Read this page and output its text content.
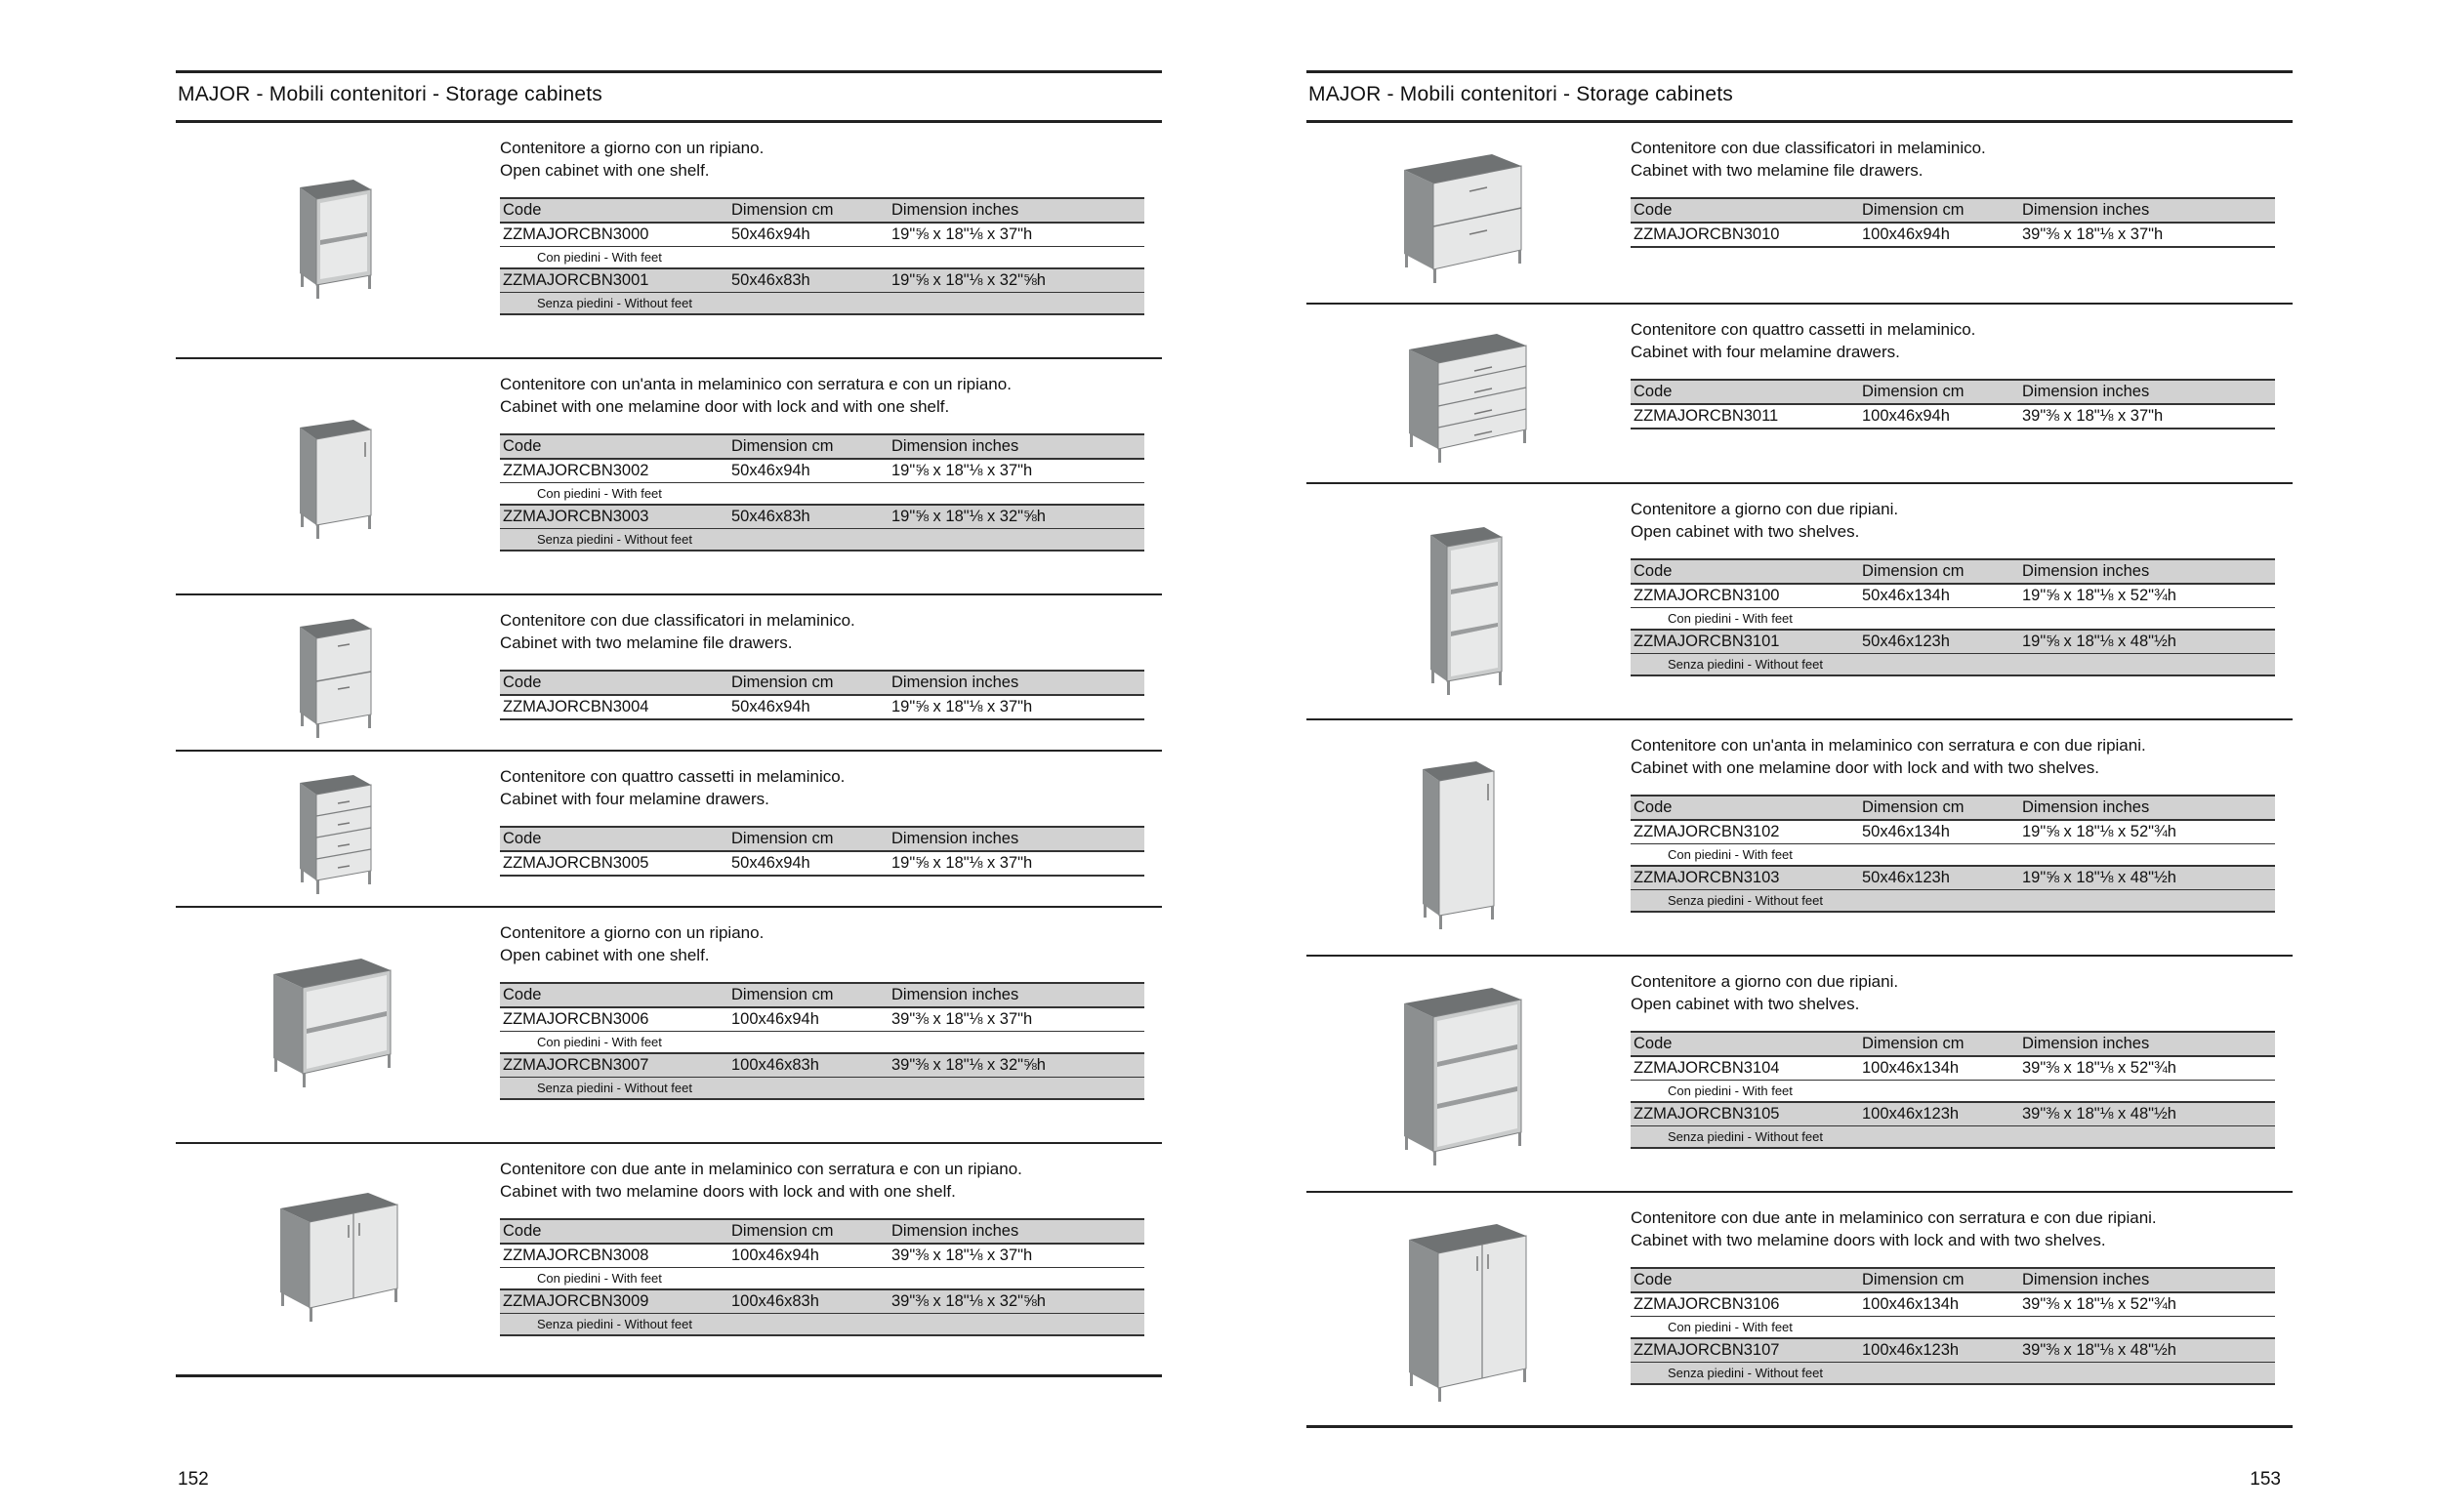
MAJOR - Mobili contenitori - Storage cabinets

Contenitore a giorno con un ripiano.

Open cabinet with one shelf.

Code	Dimension cm	Dimension inches
ZZMAJORCBN3000	50x46x94h	19"⅝ x 18"⅛ x 37"h
Con piedini - With feet
ZZMAJORCBN3001	50x46x83h	19"⅝ x 18"⅛ x 32"⅝h
Senza piedini - Without feet

Contenitore con un'anta in melaminico con serratura e con un ripiano.

Cabinet with one melamine door with lock and with one shelf.

Code	Dimension cm	Dimension inches
ZZMAJORCBN3002	50x46x94h	19"⅝ x 18"⅛ x 37"h
Con piedini - With feet
ZZMAJORCBN3003	50x46x83h	19"⅝ x 18"⅛ x 32"⅝h
Senza piedini - Without feet

Contenitore con due classificatori in melaminico.

Cabinet with two melamine file drawers.

Code	Dimension cm	Dimension inches
ZZMAJORCBN3004	50x46x94h	19"⅝ x 18"⅛ x 37"h

Contenitore con quattro cassetti in melaminico.

Cabinet with four melamine drawers.

Code	Dimension cm	Dimension inches
ZZMAJORCBN3005	50x46x94h	19"⅝ x 18"⅛ x 37"h

Contenitore a giorno con un ripiano.

Open cabinet with one shelf.

Code	Dimension cm	Dimension inches
ZZMAJORCBN3006	100x46x94h	39"⅜ x 18"⅛ x 37"h
Con piedini - With feet
ZZMAJORCBN3007	100x46x83h	39"⅜ x 18"⅛ x 32"⅝h
Senza piedini - Without feet

Contenitore con due ante in melaminico con serratura e con un ripiano.

Cabinet with two melamine doors with lock and with one shelf.

Code	Dimension cm	Dimension inches
ZZMAJORCBN3008	100x46x94h	39"⅜ x 18"⅛ x 37"h
Con piedini - With feet
ZZMAJORCBN3009	100x46x83h	39"⅜ x 18"⅛ x 32"⅝h
Senza piedini - Without feet
152
MAJOR - Mobili contenitori - Storage cabinets

Contenitore con due classificatori in melaminico.

Cabinet with two melamine file drawers.

Code	Dimension cm	Dimension inches
ZZMAJORCBN3010	100x46x94h	39"⅜ x 18"⅛ x 37"h

Contenitore con quattro cassetti in melaminico.

Cabinet with four melamine drawers.

Code	Dimension cm	Dimension inches
ZZMAJORCBN3011	100x46x94h	39"⅜ x 18"⅛ x 37"h

Contenitore a giorno con due ripiani.

Open cabinet with two shelves.

Code	Dimension cm	Dimension inches
ZZMAJORCBN3100	50x46x134h	19"⅝ x 18"⅛ x 52"¾h
Con piedini - With feet
ZZMAJORCBN3101	50x46x123h	19"⅝ x 18"⅛ x 48"½h
Senza piedini - Without feet

Contenitore con un'anta in melaminico con serratura e con due ripiani.

Cabinet with one melamine door with lock and with two shelves.

Code	Dimension cm	Dimension inches
ZZMAJORCBN3102	50x46x134h	19"⅝ x 18"⅛ x 52"¾h
Con piedini - With feet
ZZMAJORCBN3103	50x46x123h	19"⅝ x 18"⅛ x 48"½h
Senza piedini - Without feet

Contenitore a giorno con due ripiani.

Open cabinet with two shelves.

Code	Dimension cm	Dimension inches
ZZMAJORCBN3104	100x46x134h	39"⅜ x 18"⅛ x 52"¾h
Con piedini - With feet
ZZMAJORCBN3105	100x46x123h	39"⅜ x 18"⅛ x 48"½h
Senza piedini - Without feet

Contenitore con due ante in melaminico con serratura e con due ripiani.

Cabinet with two melamine doors with lock and with two shelves.

Code	Dimension cm	Dimension inches
ZZMAJORCBN3106	100x46x134h	39"⅜ x 18"⅛ x 52"¾h
Con piedini - With feet
ZZMAJORCBN3107	100x46x123h	39"⅜ x 18"⅛ x 48"½h
Senza piedini - Without feet
153
